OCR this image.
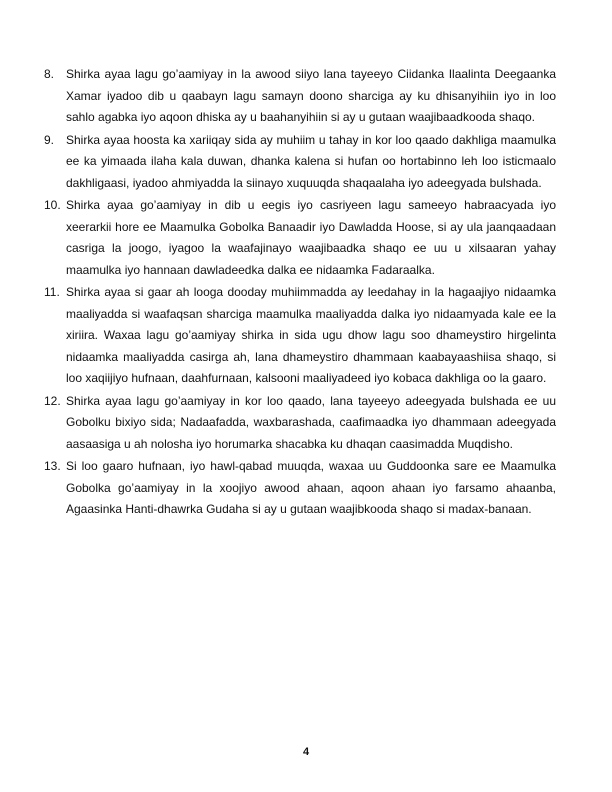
8. Shirka ayaa lagu go’aamiyay in la awood siiyo lana tayeeyo Ciidanka Ilaalinta Deegaanka Xamar iyadoo dib u qaabayn lagu samayn doono sharciga ay ku dhisanyihiin iyo in loo sahlo agabka iyo aqoon dhiska ay u baahanyihiin si ay u gutaan waajibaadkooda shaqo.
9. Shirka ayaa hoosta ka xariiqay sida ay muhiim u tahay in kor loo qaado dakhliga maamulka ee ka yimaada ilaha kala duwan, dhanka kalena si hufan oo hortabinno leh loo isticmaalo dakhligaasi, iyadoo ahmiyadda la siinayo xuquuqda shaqaalaha iyo adeegyada bulshada.
10. Shirka ayaa go’aamiyay in dib u eegis iyo casriyeen lagu sameeyo habraacyada iyo xeerarkii hore ee Maamulka Gobolka Banaadir iyo Dawladda Hoose, si ay ula jaanqaadaan casriga la joogo, iyagoo la waafajinayo waajibaadka shaqo ee uu u xilsaaran yahay maamulka iyo hannaan dawladeedka dalka ee nidaamka Fadaraalka.
11. Shirka ayaa si gaar ah looga dooday muhiimmadda ay leedahay in la hagaajiyo nidaamka maaliyadda si waafaqsan sharciga maamulka maaliyadda dalka iyo nidaamyada kale ee la xiriira. Waxaa lagu go’aamiyay shirka in sida ugu dhow lagu soo dhameystiro hirgelinta nidaamka maaliyadda casirga ah, lana dhameystiro dhammaan kaabayaashiisa shaqo, si loo xaqiijiyo hufnaan, daahfurnaan, kalsooni maaliyadeed iyo kobaca dakhliga oo la gaaro.
12. Shirka ayaa lagu go’aamiyay in kor loo qaado, lana tayeeyo adeegyada bulshada ee uu Gobolku bixiyo sida; Nadaafadda, waxbarashada, caafimaadka iyo dhammaan adeegyada aasaasiga u ah nolosha iyo horumarka shacabka ku dhaqan caasimadda Muqdisho.
13. Si loo gaaro hufnaan, iyo hawl-qabad muuqda, waxaa uu Guddoonka sare ee Maamulka Gobolka go’aamiyay in la xoojiyo awood ahaan, aqoon ahaan iyo farsamo ahaanba, Agaasinka Hanti-dhawrka Gudaha si ay u gutaan waajibkooda shaqo si madax-banaan.
4
